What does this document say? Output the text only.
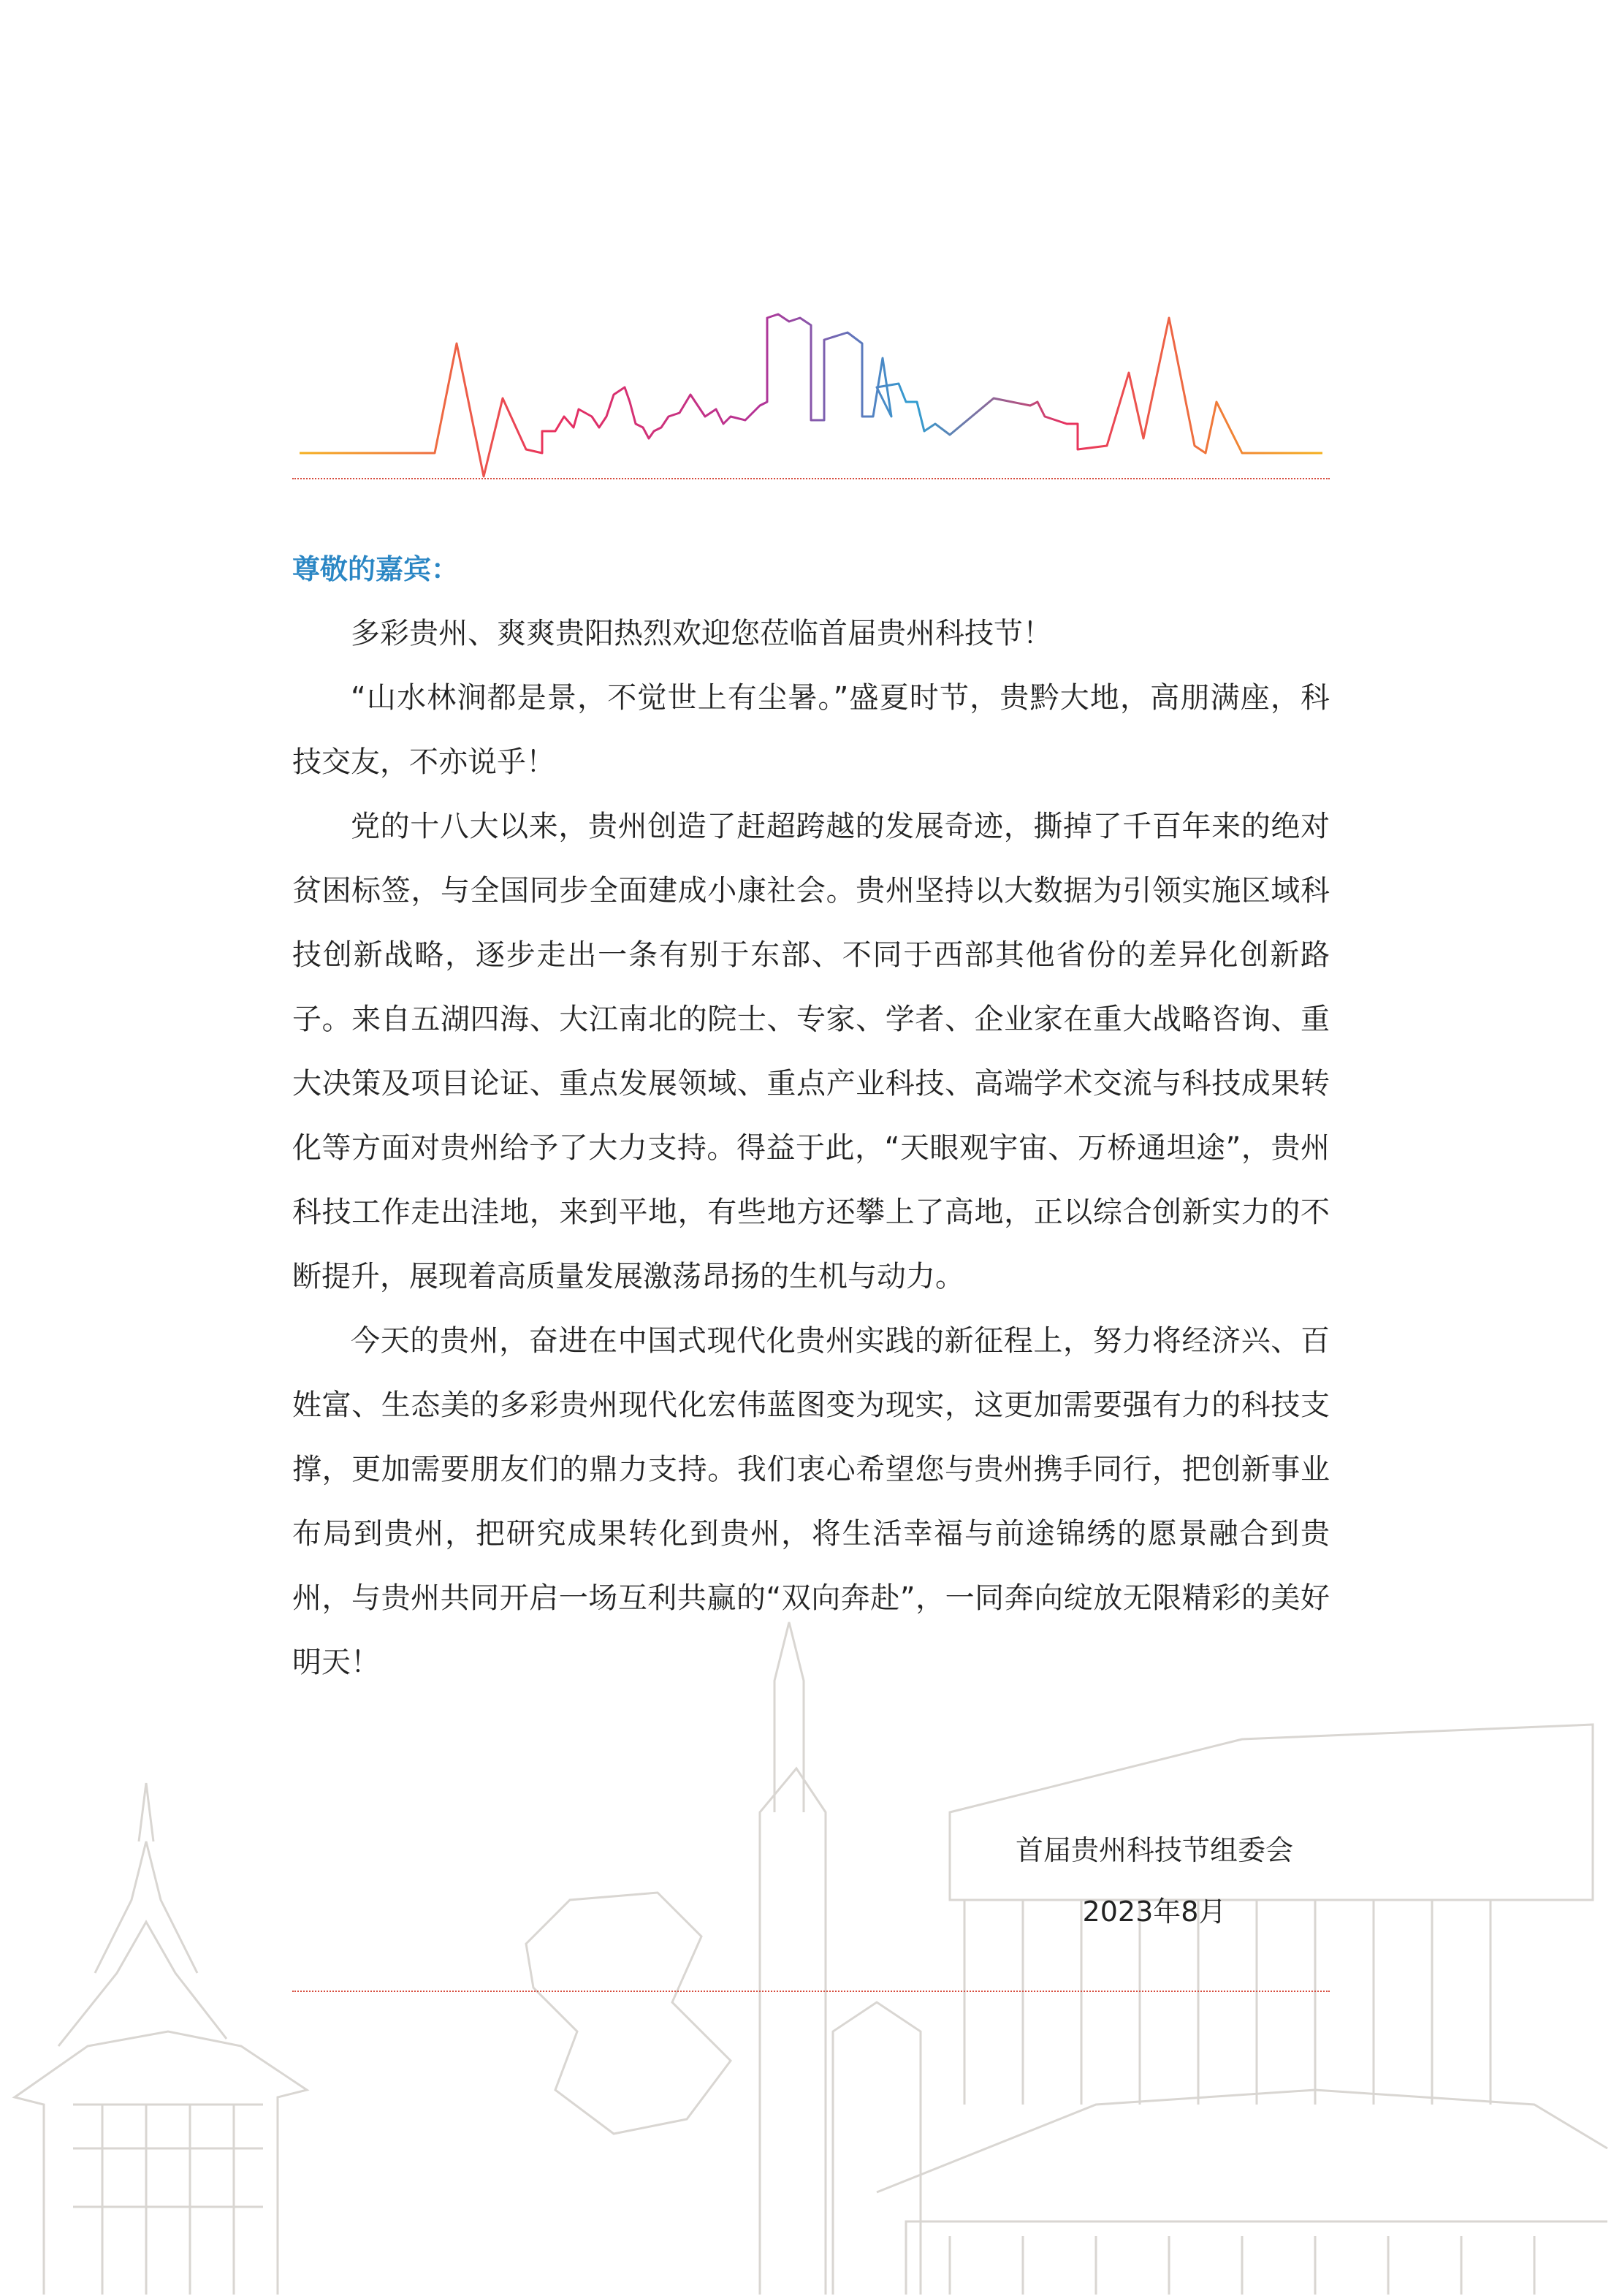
尊敬的嘉宾：

多彩贵州、爽爽贵阳热烈欢迎您莅临首届贵州科技节！

“山水林涧都是景，不觉世上有尘暑。”盛夏时节，贵黔大地，高朋满座，科技交友，不亦说乎！

党的十八大以来，贵州创造了赶超跨越的发展奇迹，撕掉了千百年来的绝对贫困标签，与全国同步全面建成小康社会。贵州坚持以大数据为引领实施区域科技创新战略，逐步走出一条有别于东部、不同于西部其他省份的差异化创新路子。来自五湖四海、大江南北的院士、专家、学者、企业家在重大战略咨询、重大决策及项目论证、重点发展领域、重点产业科技、高端学术交流与科技成果转化等方面对贵州给予了大力支持。得益于此，“天眼观宇宙、万桥通坦途”，贵州科技工作走出洼地，来到平地，有些地方还攀上了高地，正以综合创新实力的不断提升，展现着高质量发展激荡昂扬的生机与动力。

今天的贵州，奋进在中国式现代化贵州实践的新征程上，努力将经济兴、百姓富、生态美的多彩贵州现代化宏伟蓝图变为现实，这更加需要强有力的科技支撑，更加需要朋友们的鼎力支持。我们衷心希望您与贵州携手同行，把创新事业布局到贵州，把研究成果转化到贵州，将生活幸福与前途锦绣的愿景融合到贵州，与贵州共同开启一场互利共赢的“双向奔赴”，一同奔向绽放无限精彩的美好明天！

首届贵州科技节组委会
2023年8月
